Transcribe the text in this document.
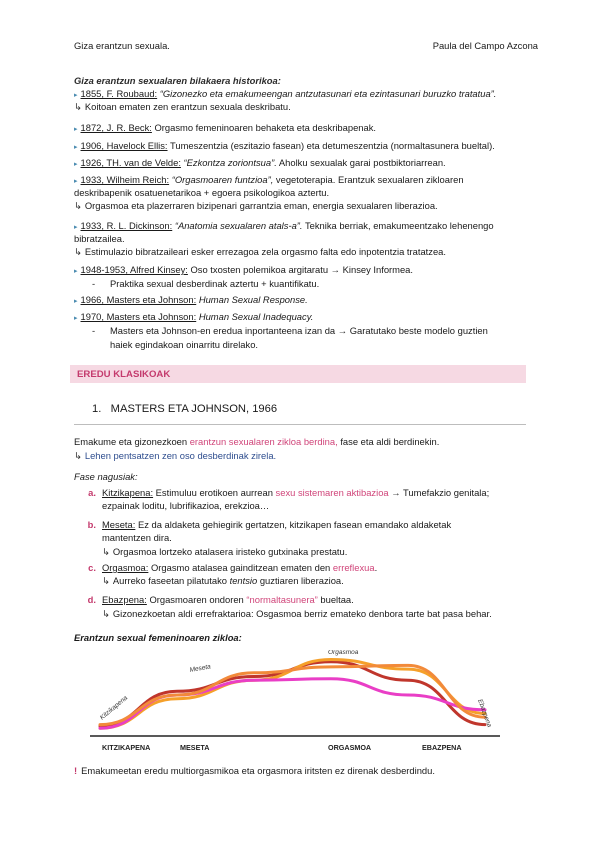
Giza erantzun sexuala.	Paula del Campo Azcona
Giza erantzun sexualaren bilakaera historikoa:
▸ 1855, F. Roubaud: “Gizonezko eta emakumeengan antzutasunari eta ezintasunari buruzko tratatua”.
↳ Koitoan ematen zen erantzun sexuala deskribatu.
▸ 1872, J. R. Beck: Orgasmo femeninoaren behaketa eta deskribapenak.
▸ 1906, Havelock Ellis: Tumeszentzia (eszitazio fasean) eta detumeszentzia (normaltasunera bueltal).
▸ 1926, TH. van de Velde: “Ezkontza zoriontsua”. Aholku sexualak garai postbiktoriarrean.
▸ 1933, Wilheim Reich: “Orgasmoaren funtzioa”, vegetoterapia. Erantzuk sexualaren zikloaren
deskribapenik osatuenetarikoa + egoera psikologikoa aztertu.
↳ Orgasmoa eta plazerraren bizipenari garrantzia eman, energia sexualaren liberazioa.
▸ 1933, R. L. Dickinson: “Anatomia sexualaren atals-a”. Teknika berriak, emakumeentzako lehenengo
bibratzailea.
↳ Estimulazio bibratzaileari esker errezagoa zela orgasmo falta edo inpotentzia tratatzea.
▸ 1948-1953, Alfred Kinsey: Oso txosten polemikoa argitaratu → Kinsey Informea.
- Praktika sexual desberdinak aztertu + kuantifikatu.
▸ 1966, Masters eta Johnson: Human Sexual Response.
▸ 1970, Masters eta Johnson: Human Sexual Inadequacy.
- Masters eta Johnson-en eredua inportanteena izan da → Garatutako beste modelo guztien
haiek egindakoan oinarritu direlako.
EREDU KLASIKOAK
1. MASTERS ETA JOHNSON, 1966
Emakume eta gizonezkoen erantzun sexualaren zikloa berdina, fase eta aldi berdinekin.
↳ Lehen pentsatzen zen oso desberdinak zirela.
Fase nagusiak:
a. Kitzikapena: Estimuluu erotikoen aurrean sexu sistemaren aktibazioa → Tumefakzio genitala;
ezpainak loditu, lubrifikazioa, erekzioa…
b. Meseta: Ez da aldaketa gehiegirik gertatzen, kitzikapen fasean emandako aldaketak
mantentzen dira.
↳ Orgasmoa lortzeko atalasera iristeko gutxinaka prestatu.
c. Orgasmoa: Orgasmo atalasea gainditzean ematen den erreflexua.
↳ Aurreko faseetan pilatutako tentsio guztiaren liberazioa.
d. Ebazpena: Orgasmoaren ondoren “normaltasunera” bueltaa.
↳ Gizonezkoetan aldi errefraktarioa: Osgasmoa berriz emateko denbora tarte bat pasa behar.
Erantzun sexual femeninoaren zikloa:
Kitzikapena
Meseta
Orgasmoa
Ebazpena
KITZIKAPENA	MESETA	ORGASMOA	EBAZPENA
! Emakumeetan eredu multiorgasmikoa eta orgasmora iritsten ez direnak desberdindu.
